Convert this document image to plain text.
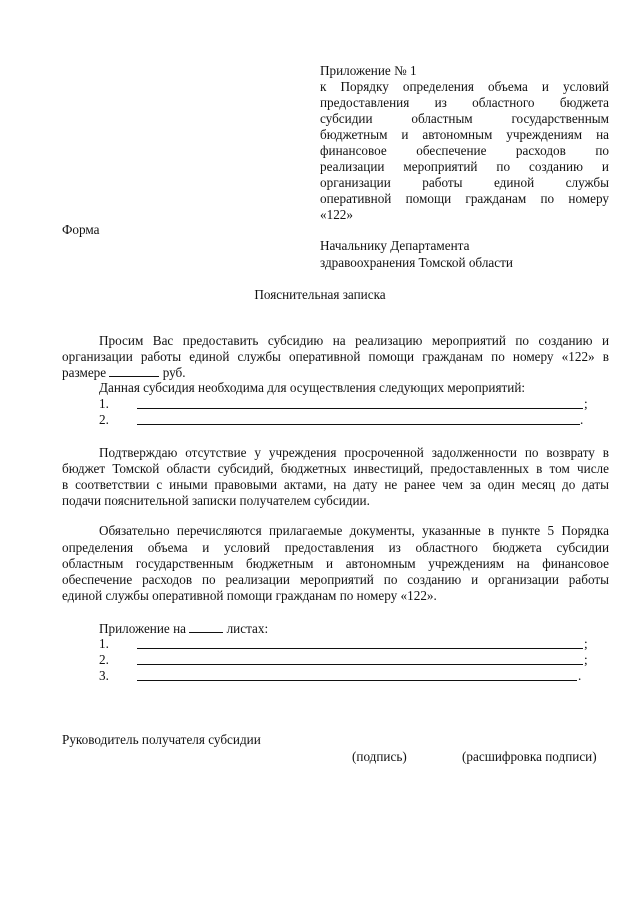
Приложение № 1
к Порядку определения объема и условий
предоставления из областного бюджета
субсидии областным государственным
бюджетным и автономным учреждениям на
финансовое обеспечение расходов по
реализации мероприятий по созданию и
организации работы единой службы
оперативной помощи гражданам по номеру
«122»
Форма
Начальнику Департамента
здравоохранения Томской области
Пояснительная записка
Просим Вас предоставить субсидию на реализацию мероприятий по созданию и
организации работы единой службы оперативной помощи гражданам по номеру «122» в
размере	руб.
Данная субсидия необходима для осуществления следующих мероприятий:
1.	;
2.	.
Подтверждаю отсутствие у учреждения просроченной задолженности по возврату в
бюджет Томской области субсидий, бюджетных инвестиций, предоставленных в том числе
в соответствии с иными правовыми актами, на дату не ранее чем за один месяц до даты
подачи пояснительной записки получателем субсидии.
Обязательно перечисляются прилагаемые документы, указанные в пункте 5 Порядка
определения объема и условий предоставления из областного бюджета субсидии
областным государственным бюджетным и автономным учреждениям на финансовое
обеспечение расходов по реализации мероприятий по созданию и организации работы
единой службы оперативной помощи гражданам по номеру «122».
Приложение на	листах:
1.	;
2.	;
3.	.
Руководитель получателя субсидии
(подпись)	(расшифровка подписи)
